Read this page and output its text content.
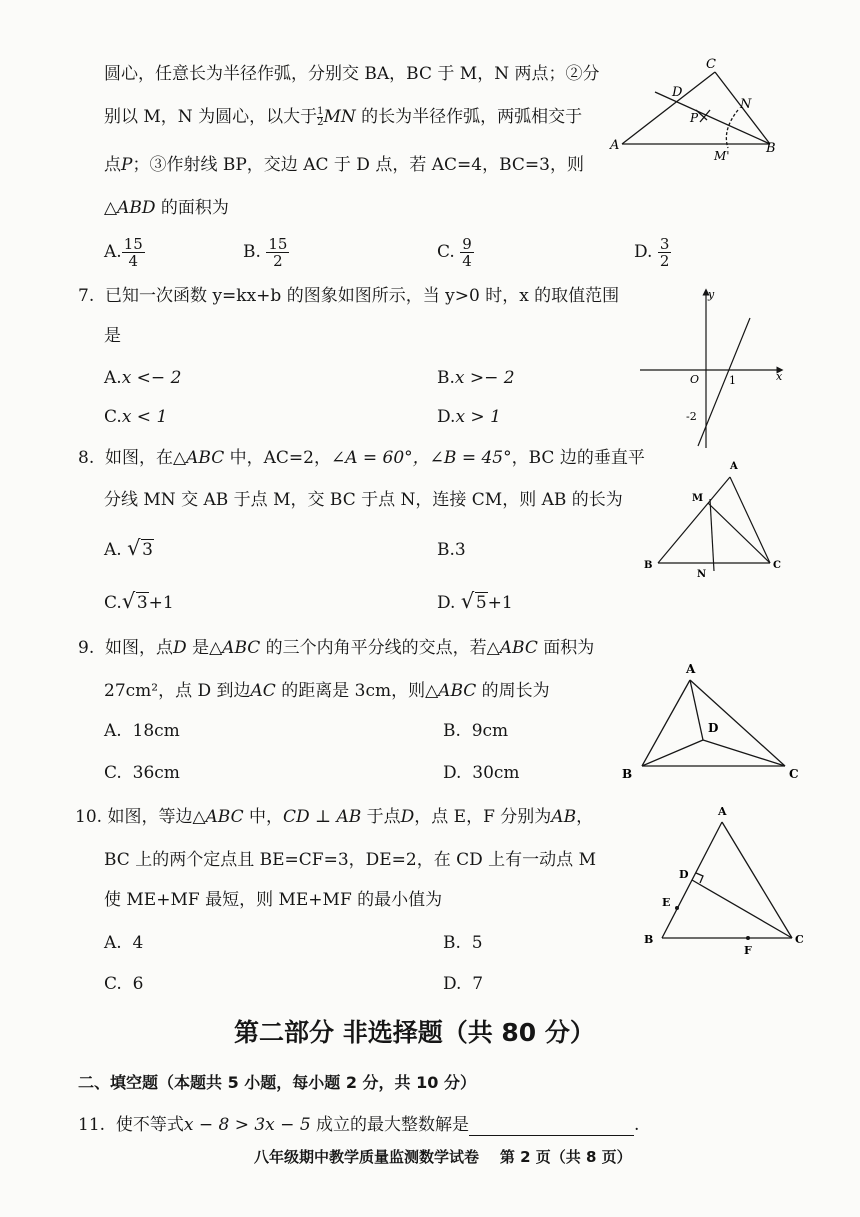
圆心，任意长为半径作弧，分别交 BA，BC 于 M，N 两点；②分
别以 M，N 为圆心，以大于 $\frac{1}{2}$ MN 的长为半径作弧，两弧相交于
点P；③作射线 BP，交边 AC 于 D 点，若 AC=4，BC=3，则
△ABD 的面积为
A. $\frac{15}{4}$	B. $\frac{15}{2}$	C. $\frac{9}{4}$	D. $\frac{3}{2}$
C
D
N
P
A	B
M'
7. 已知一次函数 y=kx+b 的图象如图所示，当 y>0 时，x 的取值范围
是
A.x <− 2	B.x >− 2
C.x < 1	D.x > 1
y
x
O	1
-2
8. 如图，在△ABC 中，AC=2，∠A = 60°，∠B = 45°，BC 边的垂直平
分线 MN 交 AB 于点 M，交 BC 于点 N，连接 CM，则 AB 的长为
A. √ 3	B.3
C. √ 3+1	D. √ 5+1
A
M
B
N
C
9. 如图，点D 是△ABC 的三个内角平分线的交点，若△ABC 面积为
27cm²，点 D 到边AC 的距离是 3cm，则△ABC 的周长为
A. 18cm	B. 9cm
C. 36cm	D. 30cm
A
D
B	C
10. 如图，等边△ABC 中，CD ⊥ AB 于点D，点 E，F 分别为AB，
BC 上的两个定点且 BE=CF=3，DE=2，在 CD 上有一动点 M
使 ME+MF 最短，则 ME+MF 的最小值为
A. 4	B. 5
C. 6	D. 7
A
D
E
B
F
C
第二部分 非选择题（共 80 分）
二、填空题（本题共 5 小题，每小题 2 分，共 10 分）
11. 使不等式x − 8 > 3x − 5 成立的最大整数解是	.
八年级期中教学质量监测数学试卷 第 2 页（共 8 页）
